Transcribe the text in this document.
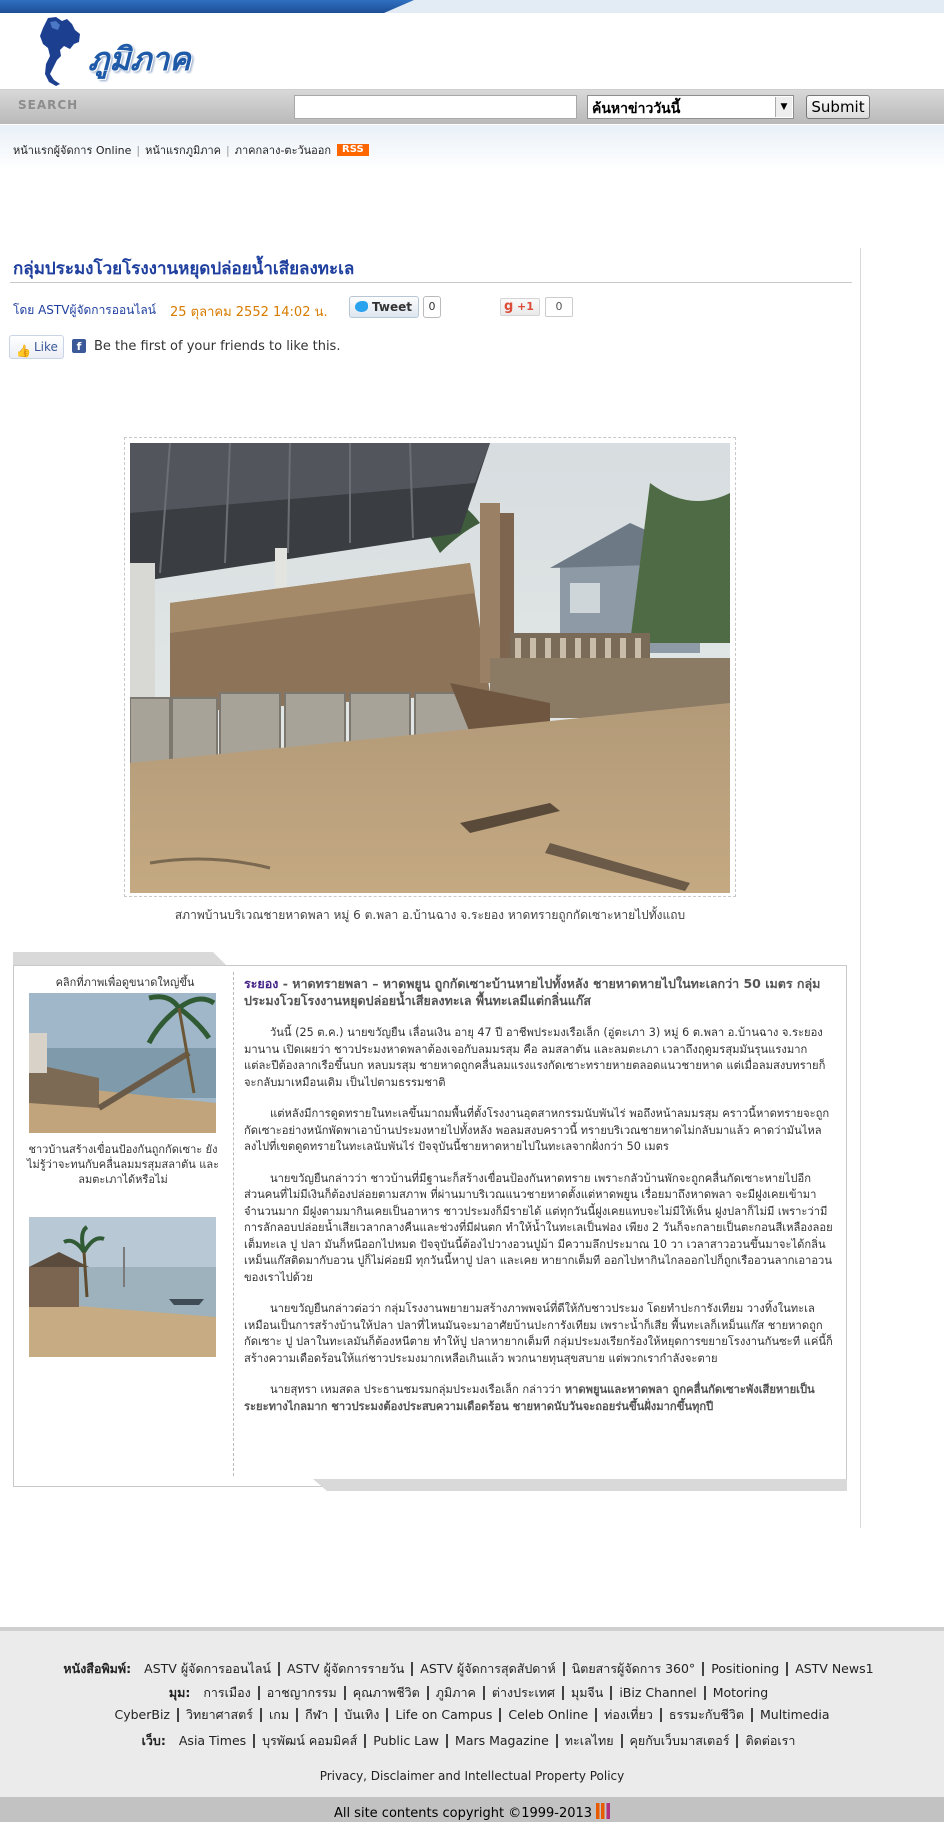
ภูมิภาค
SEARCH	ค้นหาข่าววันนี้	▼	Submit
หน้าแรกผู้จัดการ Online | หน้าแรกภูมิภาค | ภาคกลาง-ตะวันออก RSS
กลุ่มประมงโวยโรงงานหยุดปล่อยน้ำเสียลงทะเล
โดย ASTVผู้จัดการออนไลน์ 25 ตุลาคม 2552 14:02 น.	Tweet	0	g +1	0
👍 Like	f Be the first of your friends to like this.
สภาพบ้านบริเวณชายหาดพลา หมู่ 6 ต.พลา อ.บ้านฉาง จ.ระยอง หาดทรายถูกกัดเซาะหายไปทั้งแถบ
คลิกที่ภาพเพื่อดูขนาดใหญ่ขึ้น
ชาวบ้านสร้างเขื่อนป้องกันถูกกัดเซาะ ยังไม่รู้ว่าจะทนกับคลื่นลมมรสุมสลาตัน และลมตะเภาได้หรือไม่
ระยอง - หาดทรายพลา – หาดพยูน ถูกกัดเซาะบ้านหายไปทั้งหลัง ชายหาดหายไปในทะเลกว่า 50 เมตร กลุ่มประมงโวยโรงงานหยุดปล่อยน้ำเสียลงทะเล พื้นทะเลมีแต่กลิ่นแก๊ส

วันนี้ (25 ต.ค.) นายขวัญยืน เลื่อนเงิน อายุ 47 ปี อาชีพประมงเรือเล็ก (อู่ตะเภา 3) หมู่ 6 ต.พลา อ.บ้านฉาง จ.ระยอง มานาน เปิดเผยว่า ชาวประมงหาดพลาต้องเจอกับลมมรสุม คือ ลมสลาตัน และลมตะเภา เวลาถึงฤดูมรสุมมันรุนแรงมาก แต่ละปีต้องลากเรือขึ้นบก หลบมรสุม ชายหาดถูกคลื่นลมแรงแรงกัดเซาะทรายหายตลอดแนวชายหาด แต่เมื่อลมสงบทรายก็จะกลับมาเหมือนเดิม เป็นไปตามธรรมชาติ

แต่หลังมีการดูดทรายในทะเลขึ้นมาถมพื้นที่ตั้งโรงงานอุตสาหกรรมนับพันไร่ พอถึงหน้าลมมรสุม คราวนี้หาดทรายจะถูกกัดเซาะอย่างหนักพัดพาเอาบ้านประมงหายไปทั้งหลัง พอลมสงบคราวนี้ ทรายบริเวณชายหาดไม่กลับมาแล้ว คาดว่ามันไหลลงไปที่เขตดูดทรายในทะเลนับพันไร่ ปัจจุบันนี้ชายหาดหายไปในทะเลจากฝั่งกว่า 50 เมตร

นายขวัญยืนกล่าวว่า ชาวบ้านที่มีฐานะก็สร้างเขื่อนป้องกันหาดทราย เพราะกลัวบ้านพักจะถูกคลื่นกัดเซาะหายไปอีก ส่วนคนที่ไม่มีเงินก็ต้องปล่อยตามสภาพ ที่ผ่านมาบริเวณแนวชายหาดตั้งแต่หาดพยูน เรื่อยมาถึงหาดพลา จะมีฝูงเคยเข้ามาจำนวนมาก มีฝูงตามมากินเคยเป็นอาหาร ชาวประมงก็มีรายได้ แต่ทุกวันนี้ฝูงเคยแทบจะไม่มีให้เห็น ฝูงปลาก็ไม่มี เพราะว่ามีการลักลอบปล่อยน้ำเสียเวลากลางคืนและช่วงที่มีฝนตก ทำให้น้ำในทะเลเป็นฟอง เพียง 2 วันก็จะกลายเป็นตะกอนสีเหลืองลอยเต็มทะเล ปู ปลา มันก็หนีออกไปหมด ปัจจุบันนี้ต้องไปวางอวนปูม้า มีความลึกประมาณ 10 วา เวลาสาวอวนขึ้นมาจะได้กลิ่นเหม็นแก๊สติดมากับอวน ปูก็ไม่ค่อยมี ทุกวันนี้หาปู ปลา และเคย หายากเต็มที ออกไปหากินไกลออกไปก็ถูกเรืออวนลากเอาอวนของเราไปด้วย

นายขวัญยืนกล่าวต่อว่า กลุ่มโรงงานพยายามสร้างภาพพจน์ที่ดีให้กับชาวประมง โดยทำปะการังเทียม วางทิ้งในทะเล เหมือนเป็นการสร้างบ้านให้ปลา ปลาที่ไหนมันจะมาอาศัยบ้านปะการังเทียม เพราะน้ำก็เสีย พื้นทะเลก็เหม็นแก๊ส ชายหาดถูกกัดเซาะ ปู ปลาในทะเลมันก็ต้องหนีตาย ทำให้ปู ปลาหายากเต็มที กลุ่มประมงเรียกร้องให้หยุดการขยายโรงงานกันซะที แค่นี้ก็สร้างความเดือดร้อนให้แก่ชาวประมงมากเหลือเกินแล้ว พวกนายทุนสุขสบาย แต่พวกเรากำลังจะตาย

นายสุทรา เหมสดล ประธานชมรมกลุ่มประมงเรือเล็ก กล่าวว่า หาดพยูนและหาดพลา ถูกคลื่นกัดเซาะพังเสียหายเป็นระยะทางไกลมาก ชาวประมงต้องประสบความเดือดร้อน ชายหาดนับวันจะถอยร่นขึ้นฝั่งมากขึ้นทุกปี

หนังสือพิมพ์: ASTV ผู้จัดการออนไลน์ ASTV ผู้จัดการรายวัน ASTV ผู้จัดการสุดสัปดาห์ นิตยสารผู้จัดการ 360° Positioning ASTV News1
มุม: การเมือง อาชญากรรม คุณภาพชีวิต ภูมิภาค ต่างประเทศ มุมจีน iBiz Channel Motoring
CyberBiz วิทยาศาสตร์ เกม กีฬา บันเทิง Life on Campus Celeb Online ท่องเที่ยว ธรรมะกับชีวิต Multimedia
เว็บ: Asia Times บุรพัฒน์ คอมมิคส์ Public Law Mars Magazine ทะเลไทย คุยกับเว็บมาสเตอร์ ติดต่อเรา
Privacy, Disclaimer and Intellectual Property Policy
All site contents copyright ©1999-2013
